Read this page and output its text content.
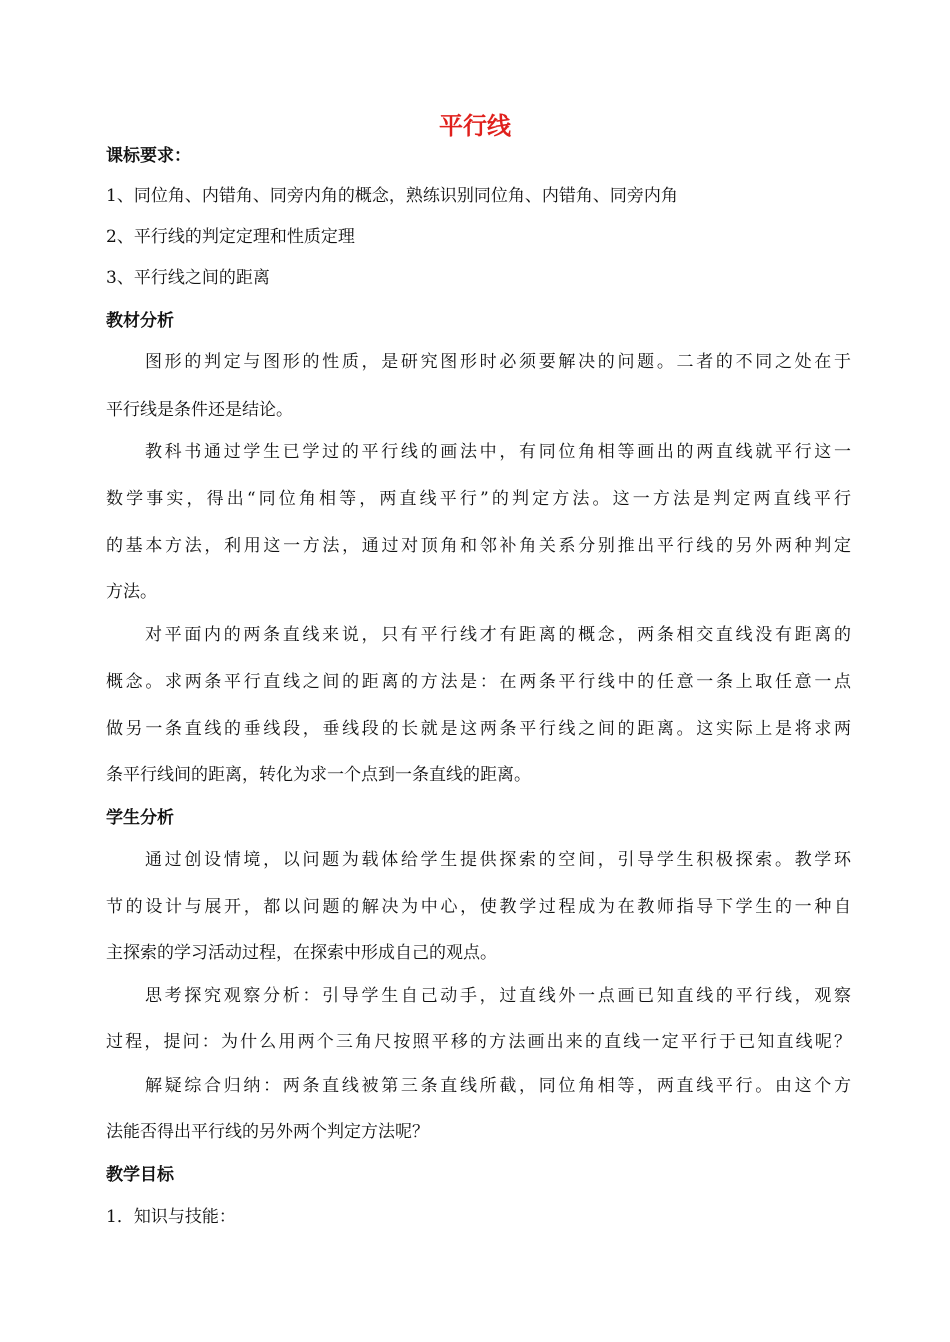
平行线
课标要求：
1、同位角、内错角、同旁内角的概念，熟练识别同位角、内错角、同旁内角
2、平行线的判定定理和性质定理
3、平行线之间的距离
教材分析
图形的判定与图形的性质，是研究图形时必须要解决的问题。二者的不同之处在于
平行线是条件还是结论。
教科书通过学生已学过的平行线的画法中，有同位角相等画出的两直线就平行这一
数学事实，得出“同位角相等，两直线平行”的判定方法。这一方法是判定两直线平行
的基本方法，利用这一方法，通过对顶角和邻补角关系分别推出平行线的另外两种判定
方法。
对平面内的两条直线来说，只有平行线才有距离的概念，两条相交直线没有距离的
概念。求两条平行直线之间的距离的方法是：在两条平行线中的任意一条上取任意一点
做另一条直线的垂线段，垂线段的长就是这两条平行线之间的距离。这实际上是将求两
条平行线间的距离，转化为求一个点到一条直线的距离。
学生分析
通过创设情境，以问题为载体给学生提供探索的空间，引导学生积极探索。教学环
节的设计与展开，都以问题的解决为中心，使教学过程成为在教师指导下学生的一种自
主探索的学习活动过程，在探索中形成自己的观点。
思考探究观察分析：引导学生自己动手，过直线外一点画已知直线的平行线，观察
过程，提问：为什么用两个三角尺按照平移的方法画出来的直线一定平行于已知直线呢？
解疑综合归纳：两条直线被第三条直线所截，同位角相等，两直线平行。由这个方
法能否得出平行线的另外两个判定方法呢？
教学目标
1．知识与技能：
